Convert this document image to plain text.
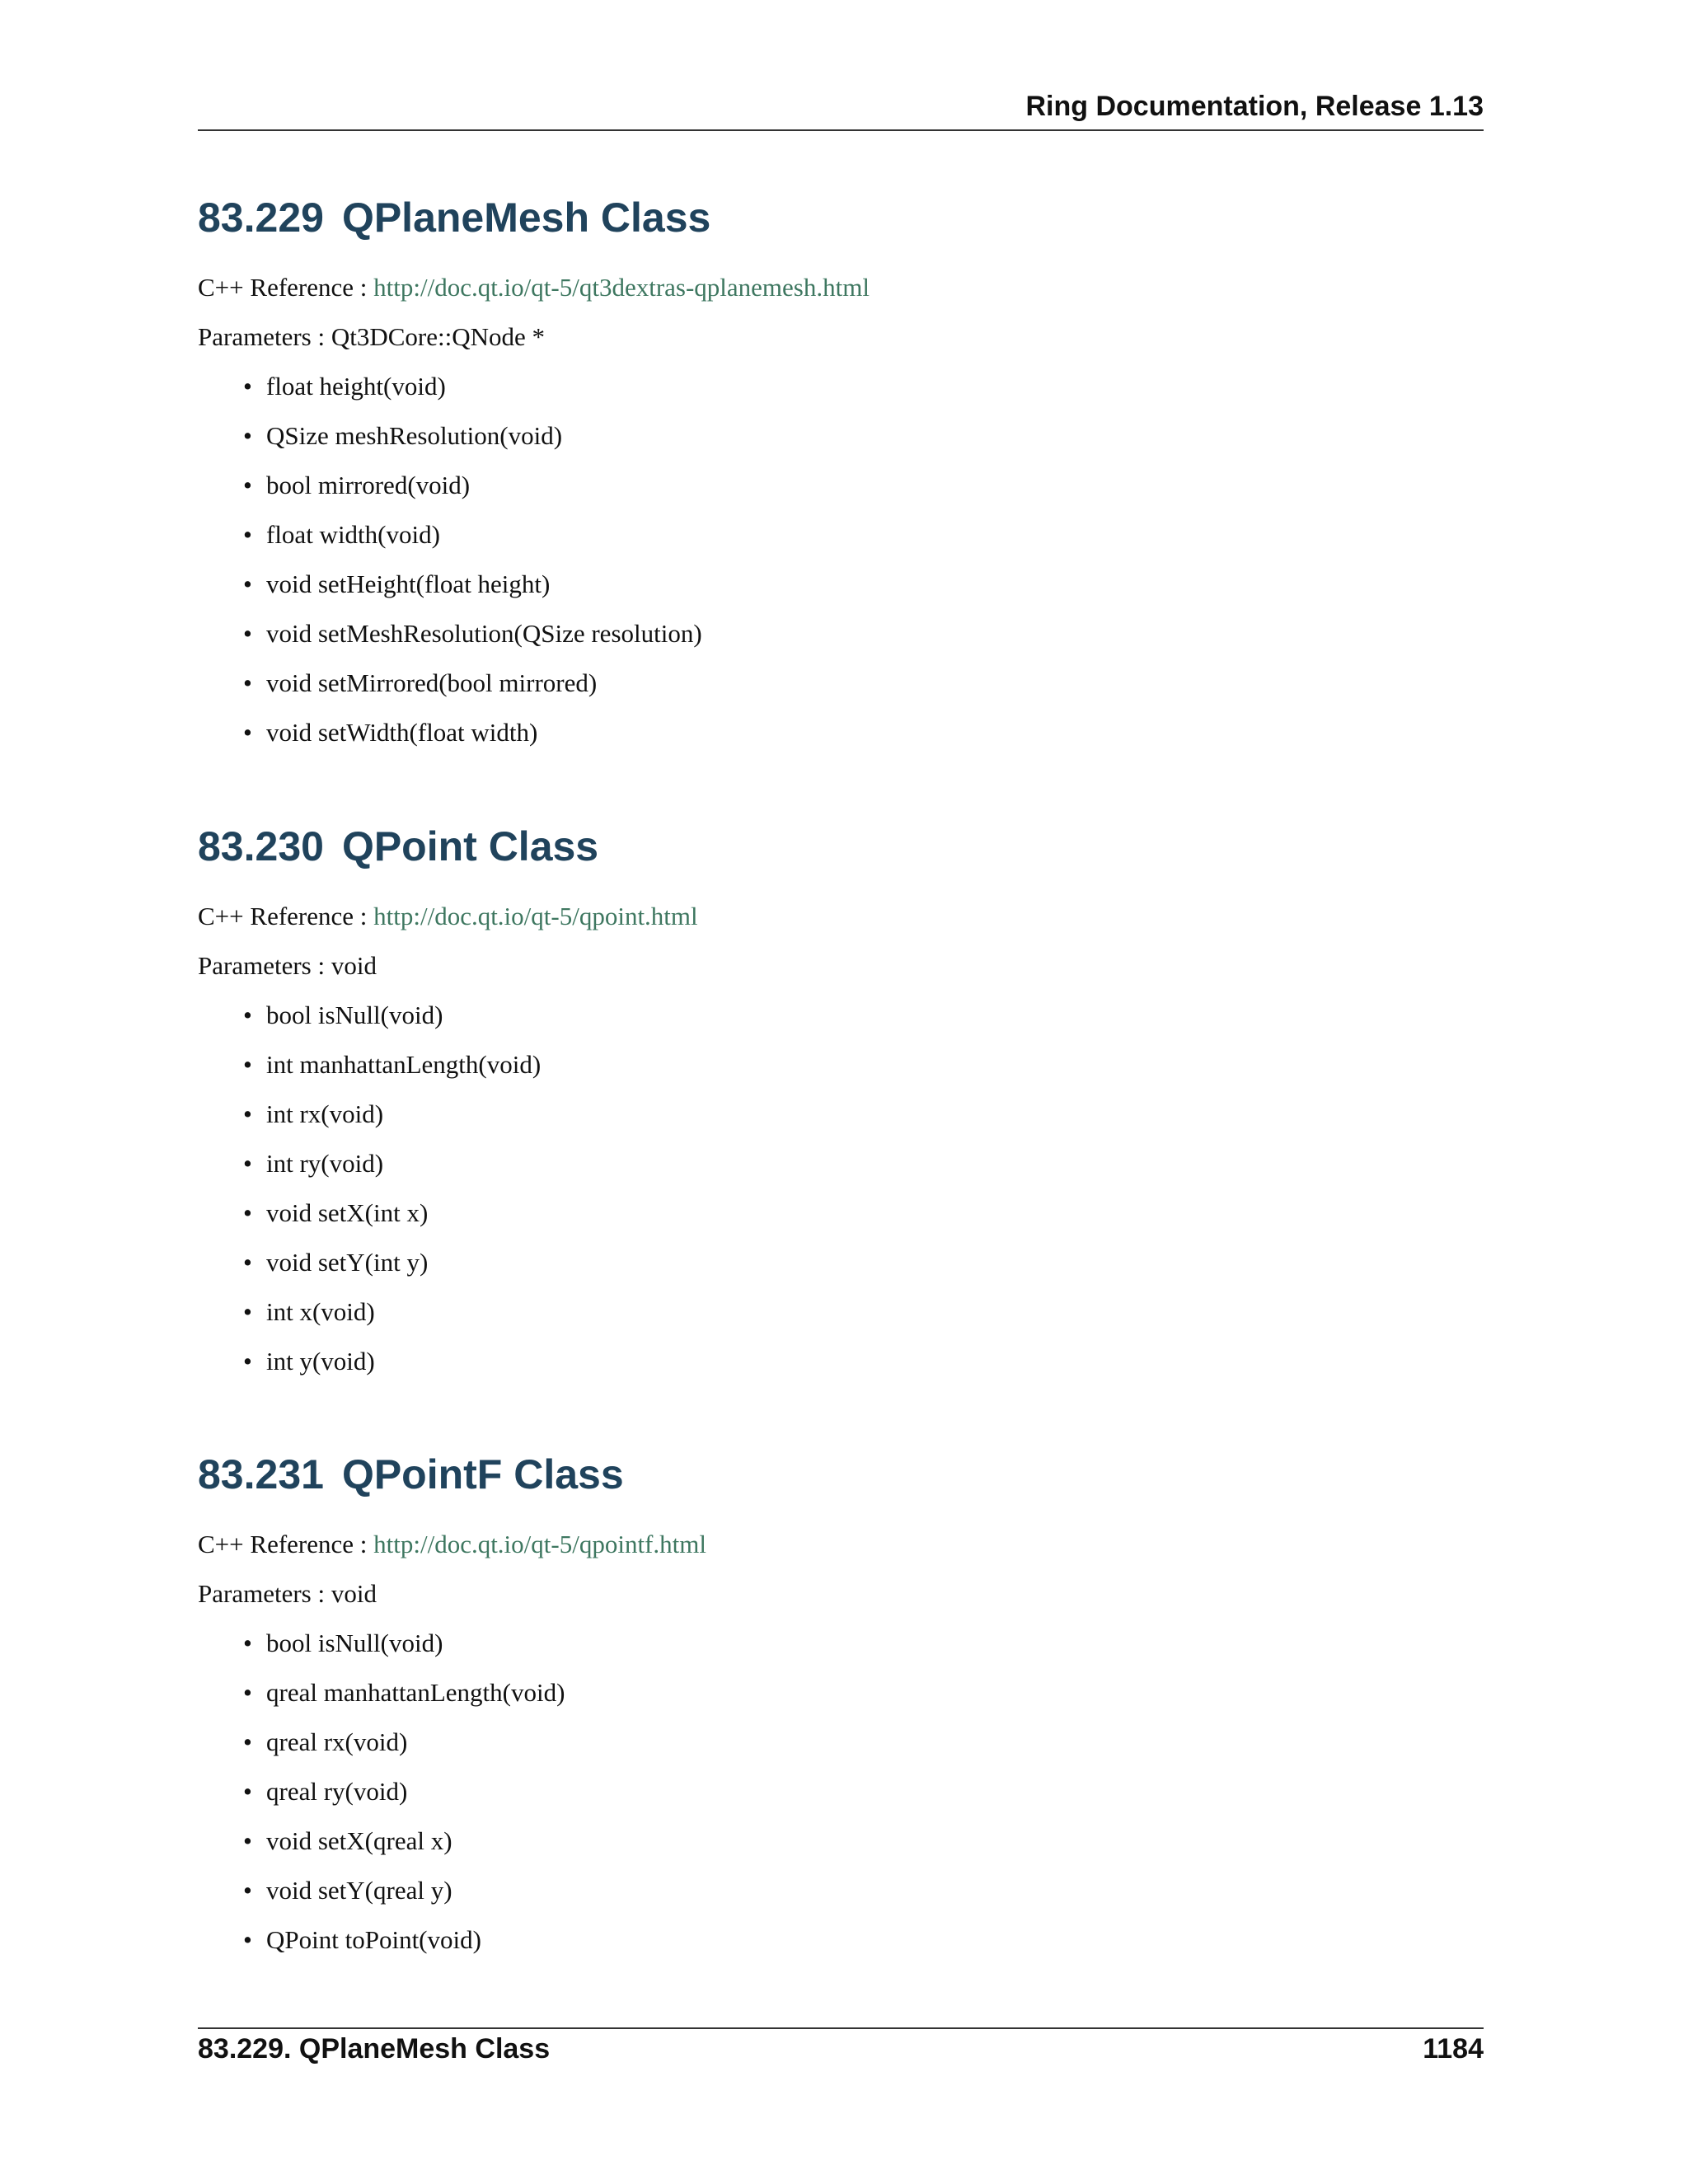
Ring Documentation, Release 1.13
83.229 QPlaneMesh Class

C++ Reference : http://doc.qt.io/qt-5/qt3dextras-qplanemesh.html

Parameters : Qt3DCore::QNode *

• float height(void)
• QSize meshResolution(void)
• bool mirrored(void)
• float width(void)
• void setHeight(float height)
• void setMeshResolution(QSize resolution)
• void setMirrored(bool mirrored)
• void setWidth(float width)
83.230 QPoint Class

C++ Reference : http://doc.qt.io/qt-5/qpoint.html

Parameters : void

• bool isNull(void)
• int manhattanLength(void)
• int rx(void)
• int ry(void)
• void setX(int x)
• void setY(int y)
• int x(void)
• int y(void)
83.231 QPointF Class

C++ Reference : http://doc.qt.io/qt-5/qpointf.html

Parameters : void

• bool isNull(void)
• qreal manhattanLength(void)
• qreal rx(void)
• qreal ry(void)
• void setX(qreal x)
• void setY(qreal y)
• QPoint toPoint(void)
83.229. QPlaneMesh Class	1184
